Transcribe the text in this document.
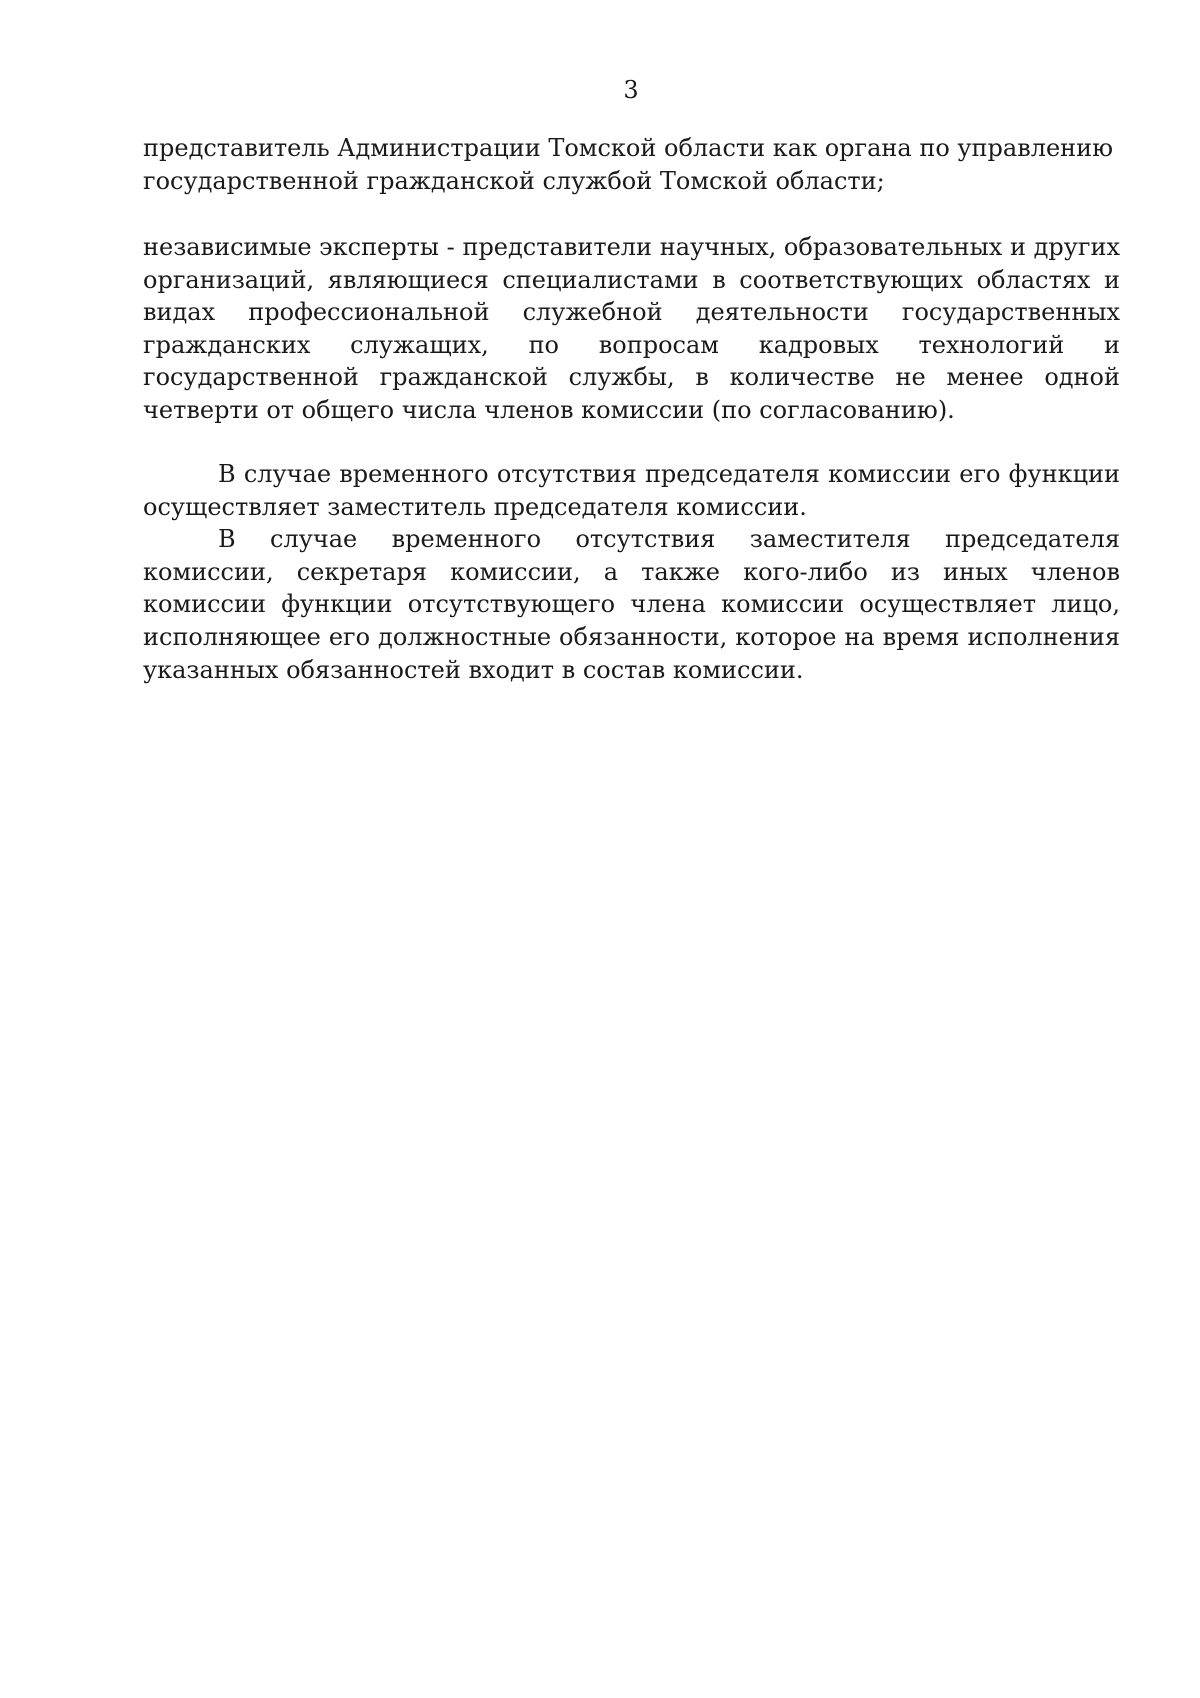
3

представитель Администрации Томской области как органа по управлению государственной гражданской службой Томской области;

независимые эксперты - представители научных, образовательных и других организаций, являющиеся специалистами в соответствующих областях и видах профессиональной служебной деятельности государственных гражданских служащих, по вопросам кадровых технологий и государственной гражданской службы, в количестве не менее одной четверти от общего числа членов комиссии (по согласованию).

В случае временного отсутствия председателя комиссии его функции осуществляет заместитель председателя комиссии.

В случае временного отсутствия заместителя председателя комиссии, секретаря комиссии, а также кого-либо из иных членов комиссии функции отсутствующего члена комиссии осуществляет лицо, исполняющее его должностные обязанности, которое на время исполнения указанных обязанностей входит в состав комиссии.
